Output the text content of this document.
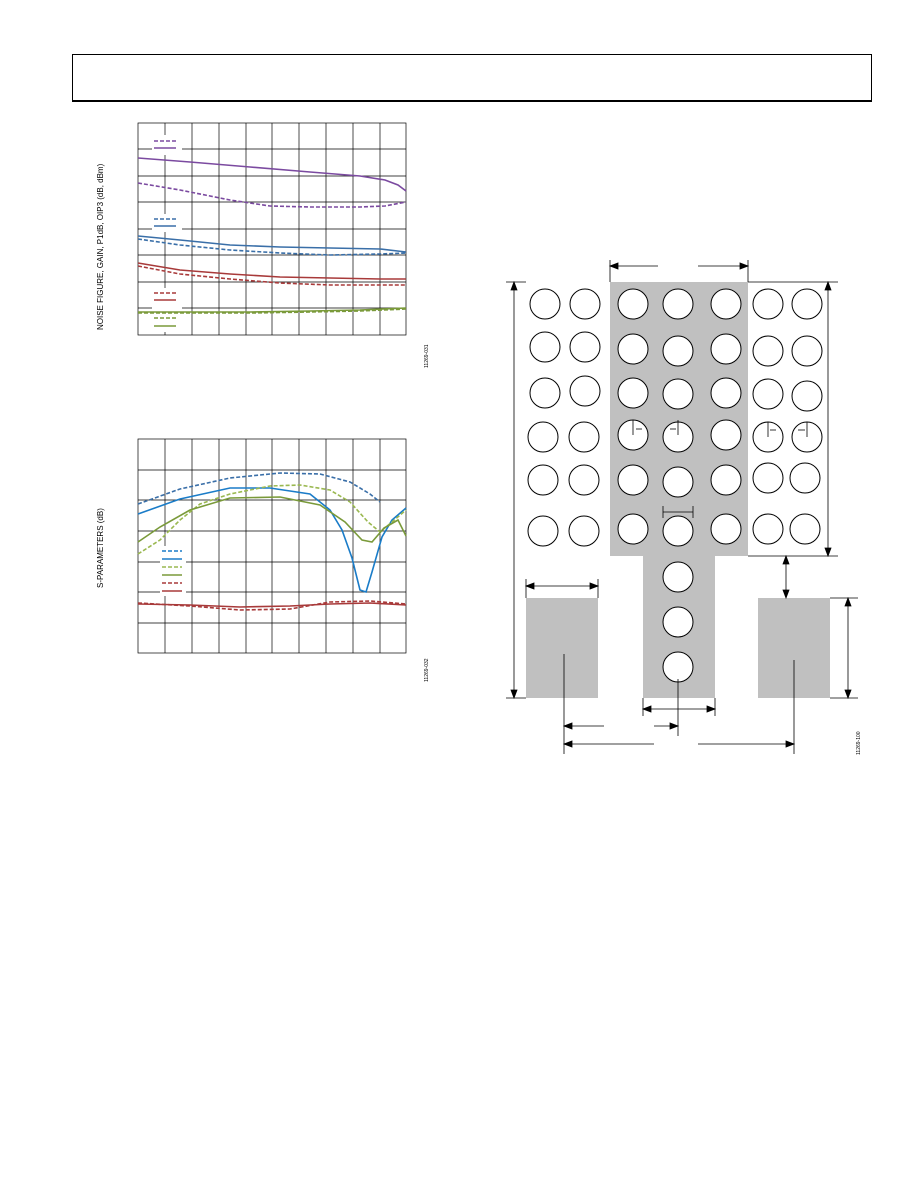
NOISE FIGURE, GAIN, P1dB, OIP3 (dB, dBm)
11269-031
S-PARAMETERS (dB)
11269-032
11269-100
